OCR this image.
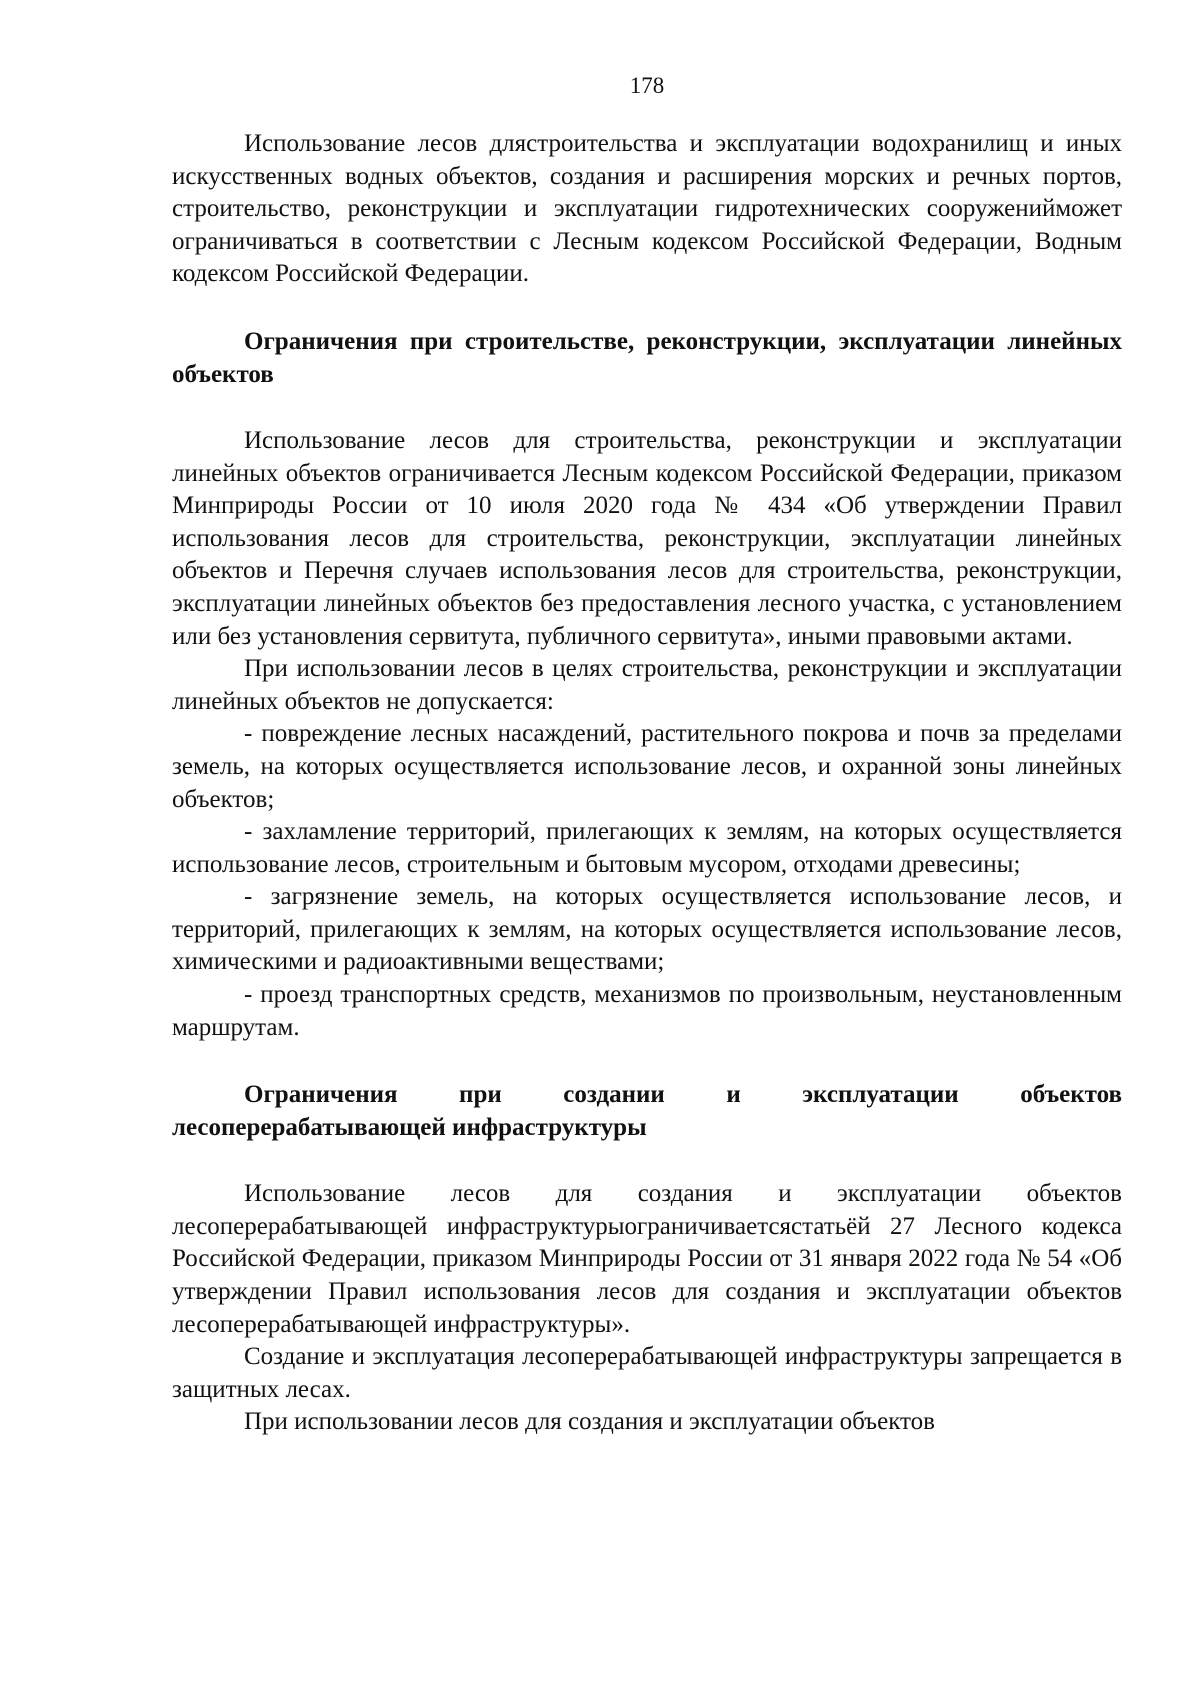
178

Использование лесов длястроительства и эксплуатации водохранилищ и иных искусственных водных объектов, создания и расширения морских и речных портов, строительство, реконструкции и эксплуатации гидротехнических сооруженийможет ограничиваться в соответствии с Лесным кодексом Российской Федерации, Водным кодексом Российской Федерации.

Ограничения при строительстве, реконструкции, эксплуатации линейных объектов

Использование лесов для строительства, реконструкции и эксплуатации линейных объектов ограничивается Лесным кодексом Российской Федерации, приказом Минприроды России от 10 июля 2020 года № 434 «Об утверждении Правил использования лесов для строительства, реконструкции, эксплуатации линейных объектов и Перечня случаев использования лесов для строительства, реконструкции, эксплуатации линейных объектов без предоставления лесного участка, с установлением или без установления сервитута, публичного сервитута», иными правовыми актами.

При использовании лесов в целях строительства, реконструкции и эксплуатации линейных объектов не допускается:

- повреждение лесных насаждений, растительного покрова и почв за пределами земель, на которых осуществляется использование лесов, и охранной зоны линейных объектов;

- захламление территорий, прилегающих к землям, на которых осуществляется использование лесов, строительным и бытовым мусором, отходами древесины;

- загрязнение земель, на которых осуществляется использование лесов, и территорий, прилегающих к землям, на которых осуществляется использование лесов, химическими и радиоактивными веществами;

- проезд транспортных средств, механизмов по произвольным, неустановленным маршрутам.

Ограничения при создании и эксплуатации объектов лесоперерабатывающей инфраструктуры

Использование лесов для создания и эксплуатации объектов лесоперерабатывающей инфраструктурыограничиваетсястатьёй 27 Лесного кодекса Российской Федерации, приказом Минприроды России от 31 января 2022 года № 54 «Об утверждении Правил использования лесов для создания и эксплуатации объектов лесоперерабатывающей инфраструктуры».

Создание и эксплуатация лесоперерабатывающей инфраструктуры запрещается в защитных лесах.

При использовании лесов для создания и эксплуатации объектов
